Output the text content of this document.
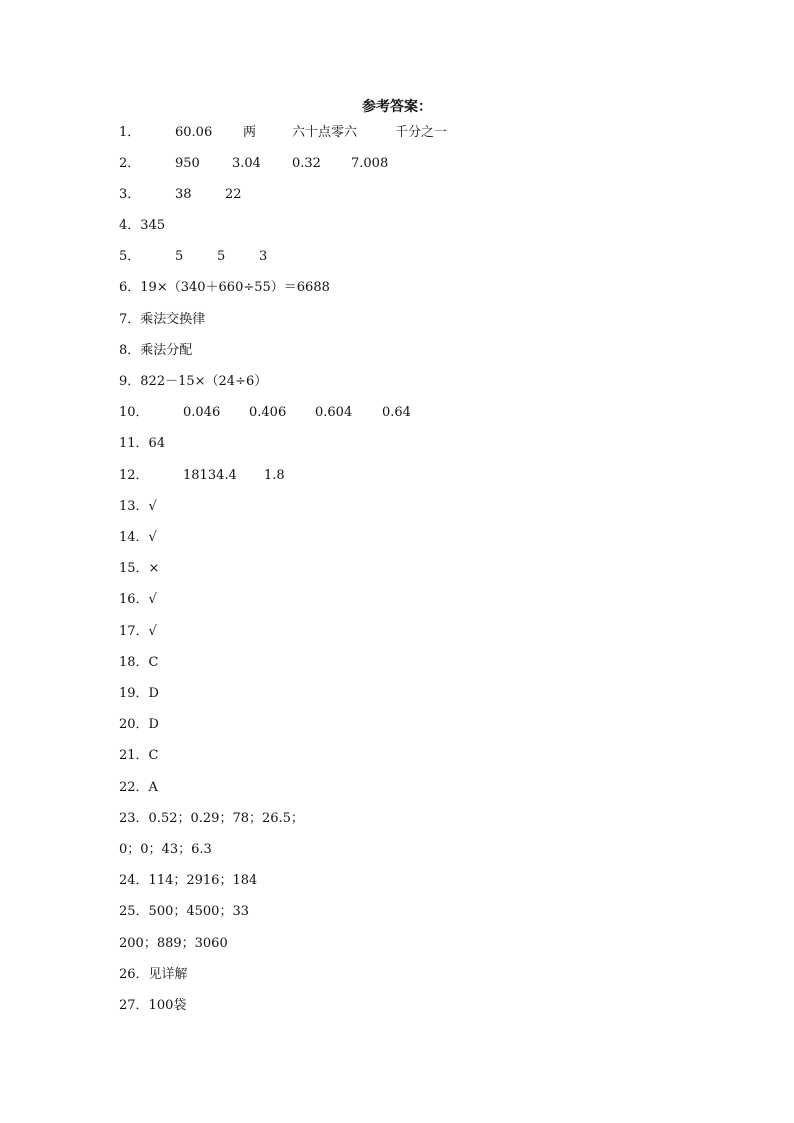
参考答案：
1．	60.06 两	六十点零六	千分之一
2．	950 3.04 0.32 7.008
3．	38	22
4．345
5．	5	5	3
6．19×（340＋660÷55）＝6688
7．乘法交换律
8．乘法分配
9．822－15×（24÷6）
10．	0.046 0.406 0.604 0.64
11．64
12．	18134.4 1.8
13．√
14．√
15．×
16．√
17．√
18．C
19．D
20．D
21．C
22．A
23．0.52；0.29；78；26.5；
0；0；43；6.3
24．114；2916；184
25．500；4500；33
200；889；3060
26．见详解
27．100袋
